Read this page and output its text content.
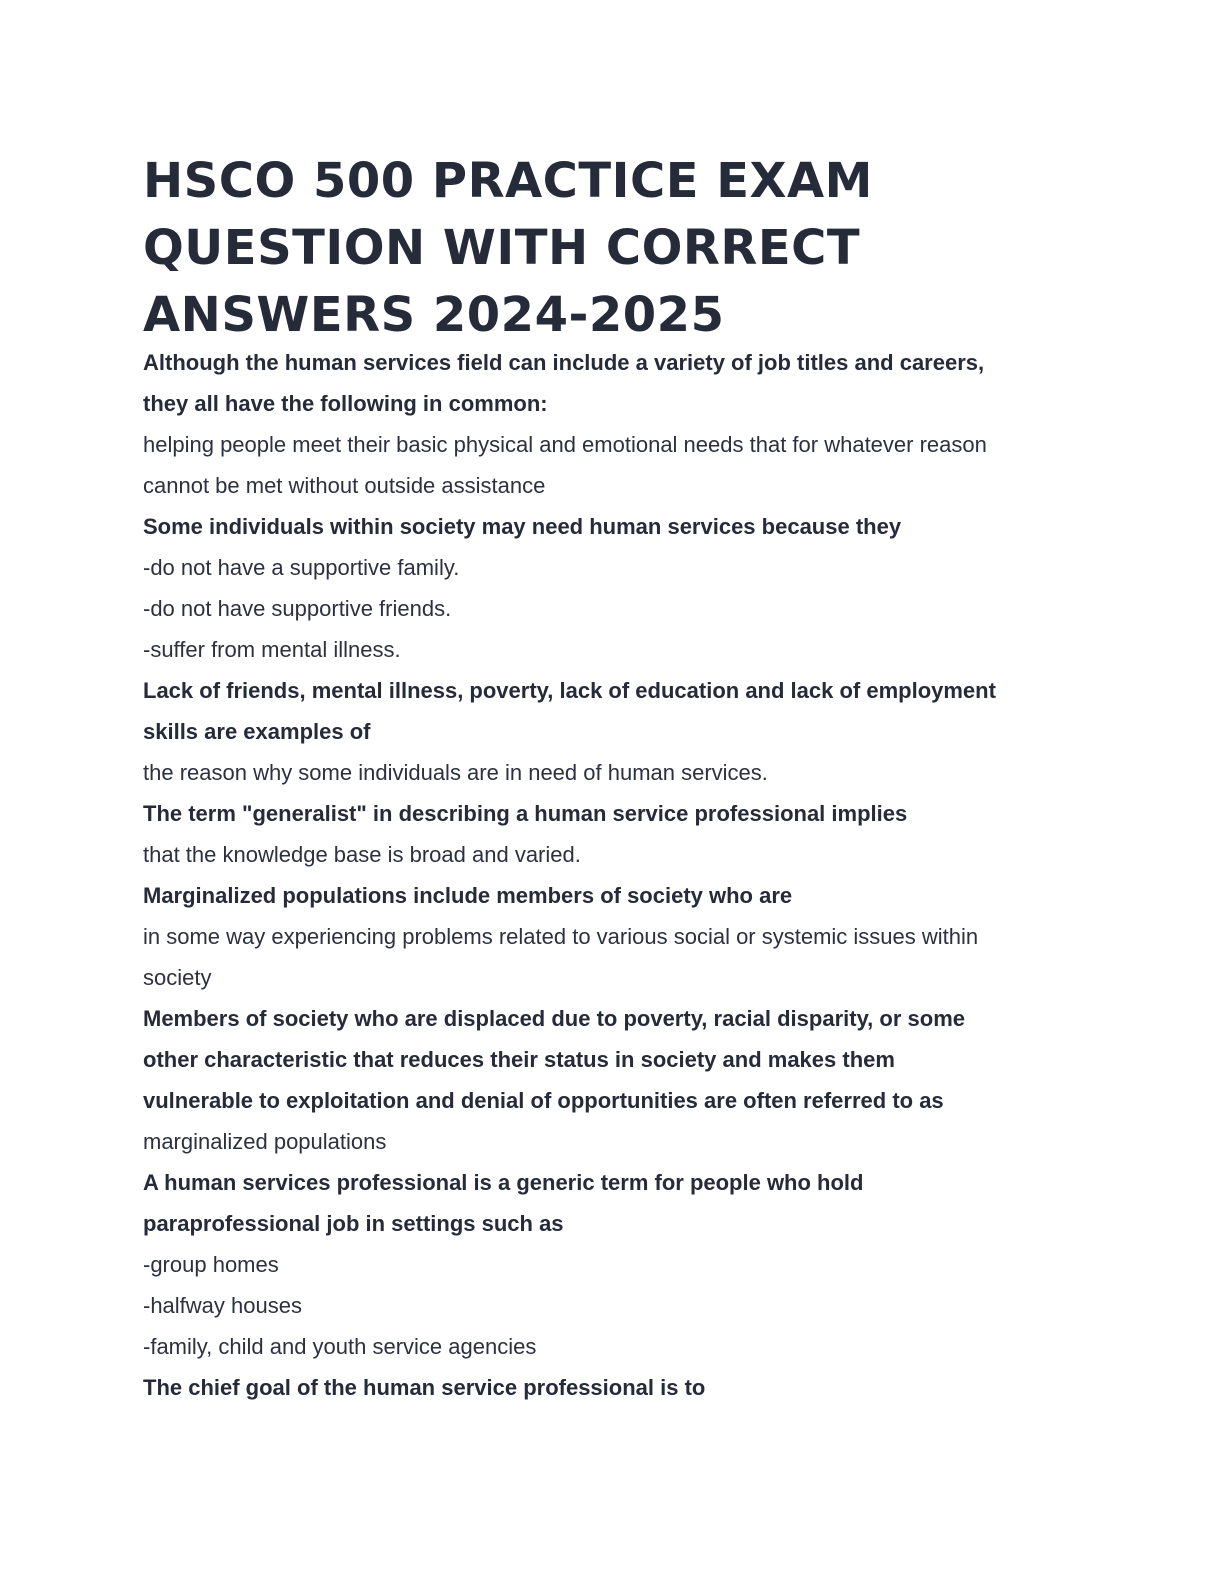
HSCO 500 PRACTICE EXAM
QUESTION WITH CORRECT
ANSWERS 2024-2025

Although the human services field can include a variety of job titles and careers,

they all have the following in common:

helping people meet their basic physical and emotional needs that for whatever reason

cannot be met without outside assistance

Some individuals within society may need human services because they

-do not have a supportive family.

-do not have supportive friends.

-suffer from mental illness.

Lack of friends, mental illness, poverty, lack of education and lack of employment

skills are examples of

the reason why some individuals are in need of human services.

The term "generalist" in describing a human service professional implies

that the knowledge base is broad and varied.

Marginalized populations include members of society who are

in some way experiencing problems related to various social or systemic issues within

society

Members of society who are displaced due to poverty, racial disparity, or some

other characteristic that reduces their status in society and makes them

vulnerable to exploitation and denial of opportunities are often referred to as

marginalized populations

A human services professional is a generic term for people who hold

paraprofessional job in settings such as

-group homes

-halfway houses

-family, child and youth service agencies

The chief goal of the human service professional is to
